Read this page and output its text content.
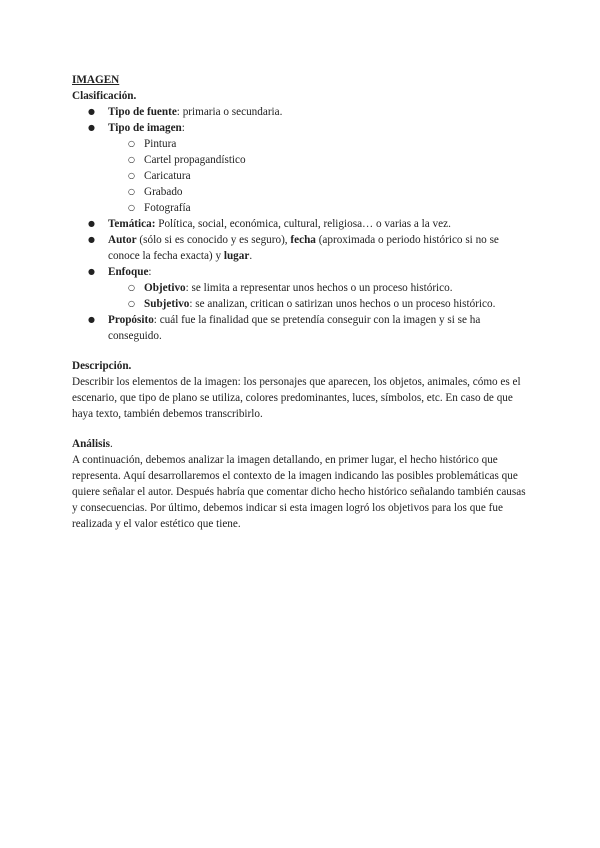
IMAGEN
Clasificación.
● Tipo de fuente: primaria o secundaria.
● Tipo de imagen:
○ Pintura
○ Cartel propagandístico
○ Caricatura
○ Grabado
○ Fotografía
● Temática: Política, social, económica, cultural, religiosa… o varias a la vez.
● Autor (sólo si es conocido y es seguro), fecha (aproximada o periodo histórico si no se conoce la fecha exacta) y lugar.
● Enfoque:
○ Objetivo: se limita a representar unos hechos o un proceso histórico.
○ Subjetivo: se analizan, critican o satirizan unos hechos o un proceso histórico.
● Propósito: cuál fue la finalidad que se pretendía conseguir con la imagen y si se ha conseguido.
Descripción.

Describir los elementos de la imagen: los personajes que aparecen, los objetos, animales, cómo es el escenario, que tipo de plano se utiliza, colores predominantes, luces, símbolos, etc. En caso de que haya texto, también debemos transcribirlo.

Análisis.

A continuación, debemos analizar la imagen detallando, en primer lugar, el hecho histórico que representa. Aquí desarrollaremos el contexto de la imagen indicando las posibles problemáticas que quiere señalar el autor. Después habría que comentar dicho hecho histórico señalando también causas y consecuencias. Por último, debemos indicar si esta imagen logró los objetivos para los que fue realizada y el valor estético que tiene.
